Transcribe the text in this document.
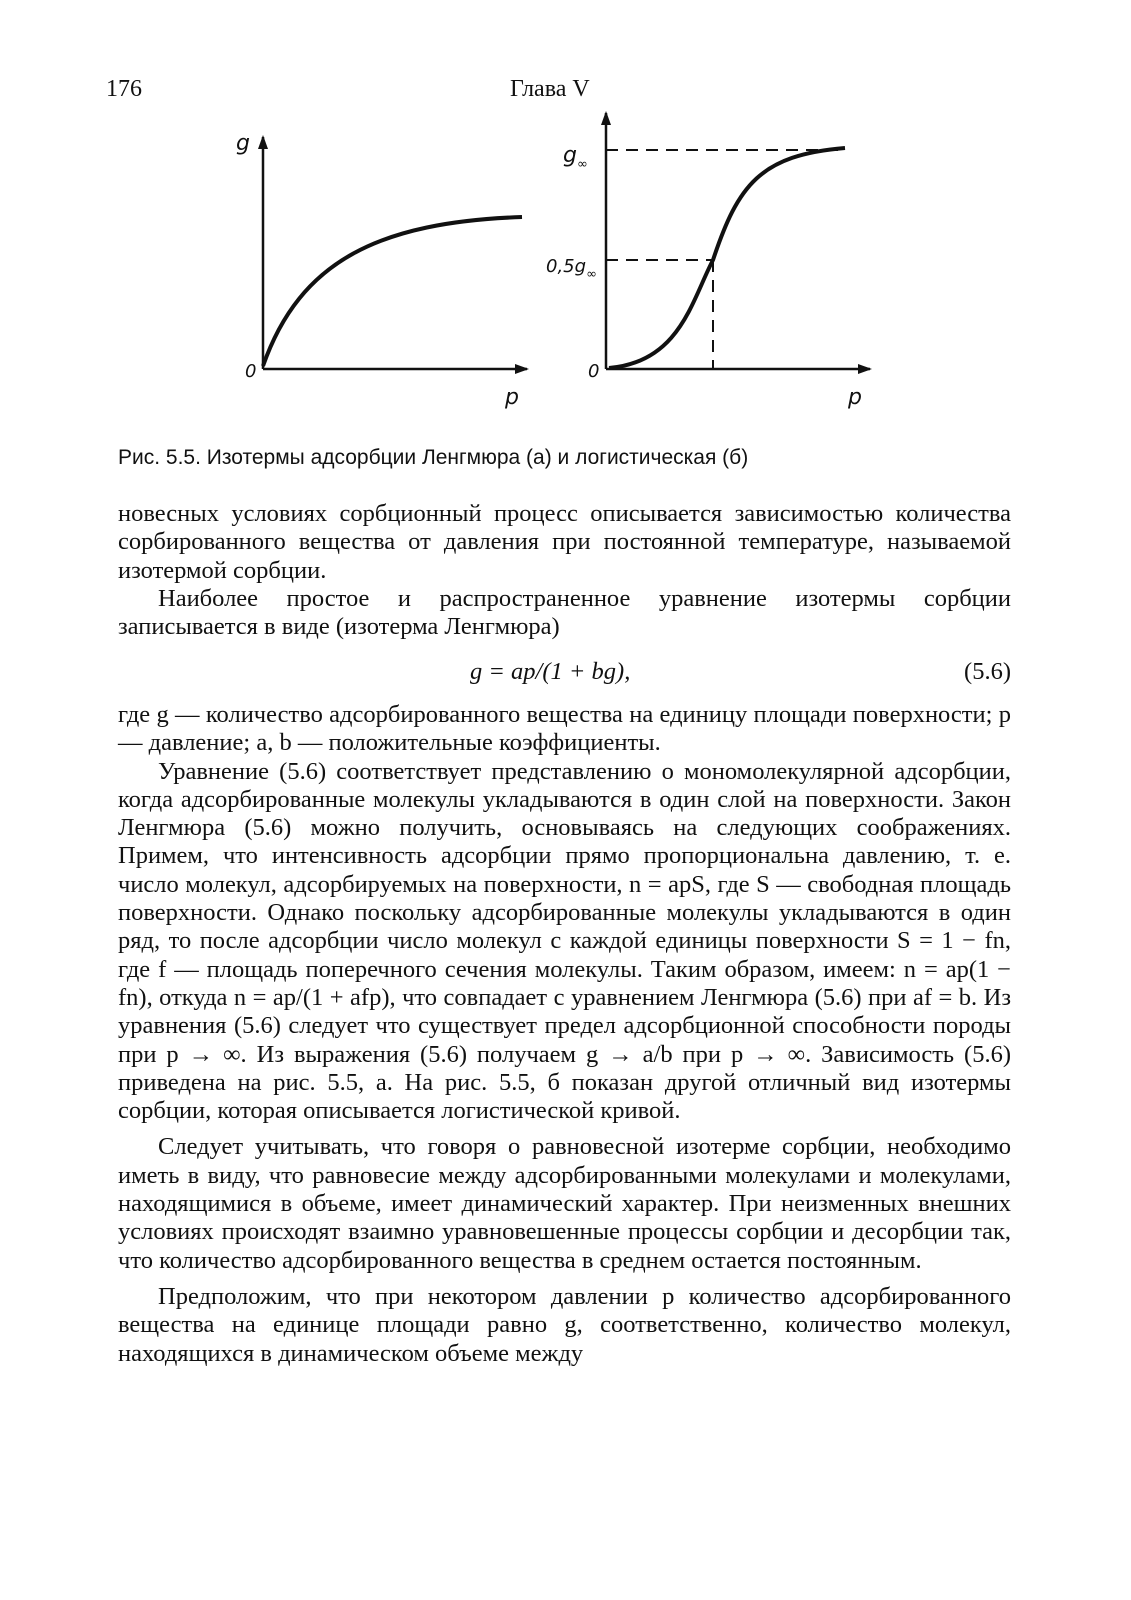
176	Глава V
g
0
p
$g_\infty$
$0,5g_\infty$
0
p
Рис. 5.5. Изотермы адсорбции Ленгмюра (а) и логистическая (б)

новесных условиях сорбционный процесс описывается зависимостью количества сорбированного вещества от давления при постоянной температуре, называемой изотермой сорбции.

Наиболее простое и распространенное уравнение изотермы сорбции записывается в виде (изотерма Ленгмюра)

g = ap/(1 + bg),	(5.6)

где g — количество адсорбированного вещества на единицу площади поверхности; p — давление; a, b — положительные коэффициенты.

Уравнение (5.6) соответствует представлению о мономолекулярной адсорбции, когда адсорбированные молекулы укладываются в один слой на поверхности. Закон Ленгмюра (5.6) можно получить, основываясь на следующих соображениях. Примем, что интенсивность адсорбции прямо пропорциональна давлению, т. е. число молекул, адсорбируемых на поверхности, n = apS, где S — свободная площадь поверхности. Однако поскольку адсорбированные молекулы укладываются в один ряд, то после адсорбции число молекул с каждой единицы поверхности S = 1 − fn, где f — площадь поперечного сечения молекулы. Таким образом, имеем: n = ap(1 − fn), откуда n = ap/(1 + afp), что совпадает с уравнением Ленгмюра (5.6) при af = b. Из уравнения (5.6) следует что существует предел адсорбционной способности породы при p → ∞. Из выражения (5.6) получаем g → a/b при p → ∞. Зависимость (5.6) приведена на рис. 5.5, а. На рис. 5.5, б показан другой отличный вид изотермы сорбции, которая описывается логистической кривой.

Следует учитывать, что говоря о равновесной изотерме сорбции, необходимо иметь в виду, что равновесие между адсорбированными молекулами и молекулами, находящимися в объеме, имеет динамический характер. При неизменных внешних условиях происходят взаимно уравновешенные процессы сорбции и десорбции так, что количество адсорбированного вещества в среднем остается постоянным.

Предположим, что при некотором давлении p количество адсорбированного вещества на единице площади равно g, соответственно, количество молекул, находящихся в динамическом объеме между
